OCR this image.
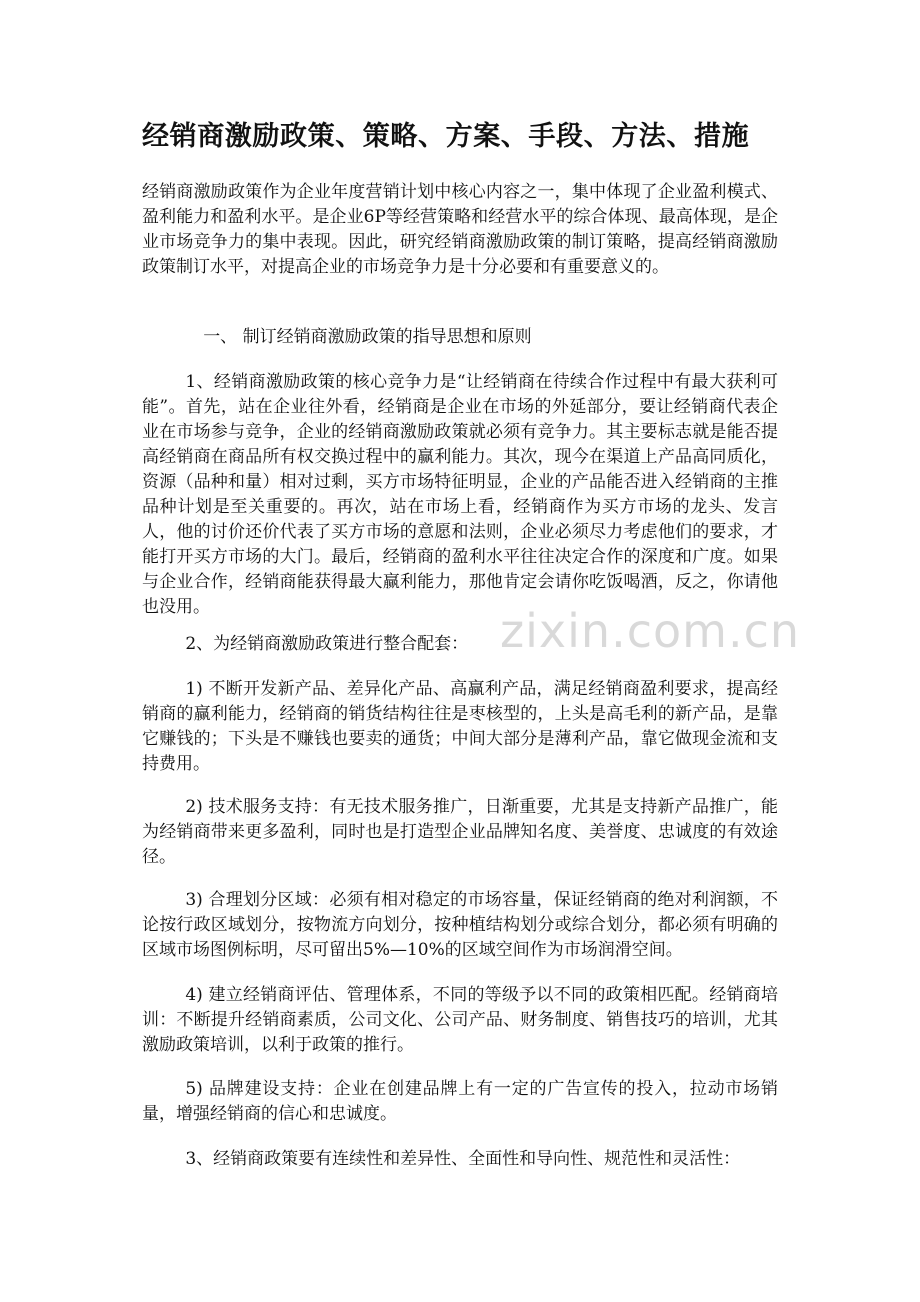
经销商激励政策、策略、方案、手段、方法、措施

经销商激励政策作为企业年度营销计划中核心内容之一，集中体现了企业盈利模式、盈利能力和盈利水平。是企业6P等经营策略和经营水平的综合体现、最高体现，是企业市场竞争力的集中表现。因此，研究经销商激励政策的制订策略，提高经销商激励政策制订水平，对提高企业的市场竞争力是十分必要和有重要意义的。

一、 制订经销商激励政策的指导思想和原则

1、经销商激励政策的核心竞争力是“让经销商在待续合作过程中有最大获利可能”。首先，站在企业往外看，经销商是企业在市场的外延部分，要让经销商代表企业在市场参与竞争，企业的经销商激励政策就必须有竞争力。其主要标志就是能否提高经销商在商品所有权交换过程中的赢利能力。其次，现今在渠道上产品高同质化，资源（品种和量）相对过剩，买方市场特征明显，企业的产品能否进入经销商的主推品种计划是至关重要的。再次，站在市场上看，经销商作为买方市场的龙头、发言人，他的讨价还价代表了买方市场的意愿和法则，企业必须尽力考虑他们的要求，才能打开买方市场的大门。最后，经销商的盈利水平往往决定合作的深度和广度。如果与企业合作，经销商能获得最大赢利能力，那他肯定会请你吃饭喝酒，反之，你请他也没用。

2、为经销商激励政策进行整合配套：

1) 不断开发新产品、差异化产品、高赢利产品，满足经销商盈利要求，提高经销商的赢利能力，经销商的销货结构往往是枣核型的，上头是高毛利的新产品，是靠它赚钱的；下头是不赚钱也要卖的通货；中间大部分是薄利产品，靠它做现金流和支持费用。

2) 技术服务支持：有无技术服务推广，日渐重要，尤其是支持新产品推广，能为经销商带来更多盈利，同时也是打造型企业品牌知名度、美誉度、忠诚度的有效途径。

3) 合理划分区域：必须有相对稳定的市场容量，保证经销商的绝对利润额，不论按行政区域划分，按物流方向划分，按种植结构划分或综合划分，都必须有明确的区域市场图例标明，尽可留出5%—10%的区域空间作为市场润滑空间。

4) 建立经销商评估、管理体系，不同的等级予以不同的政策相匹配。经销商培训：不断提升经销商素质，公司文化、公司产品、财务制度、销售技巧的培训，尤其激励政策培训，以利于政策的推行。

5) 品牌建设支持：企业在创建品牌上有一定的广告宣传的投入，拉动市场销量，增强经销商的信心和忠诚度。

3、经销商政策要有连续性和差异性、全面性和导向性、规范性和灵活性：

zixin.com.cn
